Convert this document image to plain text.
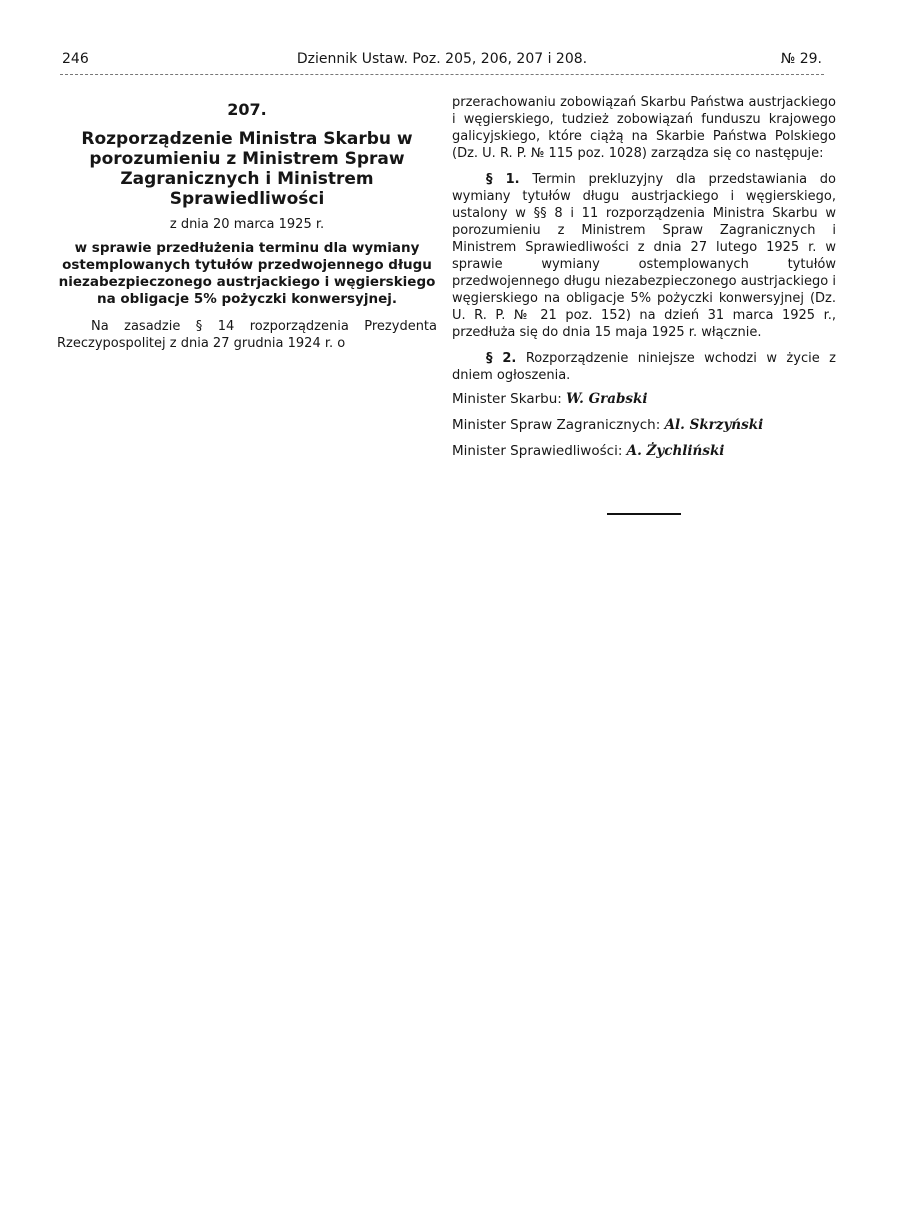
246	Dziennik Ustaw. Poz. 205, 206, 207 i 208.	№ 29.
207.
Rozporządzenie Ministra Skarbu w porozumieniu z Ministrem Spraw Zagranicznych i Ministrem Sprawiedliwości
z dnia 20 marca 1925 r.
w sprawie przedłużenia terminu dla wymiany ostemplowanych tytułów przedwojennego długu niezabezpieczonego austrjackiego i węgierskiego na obligacje 5% pożyczki konwersyjnej.

Na zasadzie § 14 rozporządzenia Prezydenta Rzeczypospolitej z dnia 27 grudnia 1924 r. o

przerachowaniu zobowiązań Skarbu Państwa austrjackiego i węgierskiego, tudzież zobowiązań funduszu krajowego galicyjskiego, które ciążą na Skarbie Państwa Polskiego (Dz. U. R. P. № 115 poz. 1028) zarządza się co następuje:

§ 1. Termin prekluzyjny dla przedstawiania do wymiany tytułów długu austrjackiego i węgierskiego, ustalony w §§ 8 i 11 rozporządzenia Ministra Skarbu w porozumieniu z Ministrem Spraw Zagranicznych i Ministrem Sprawiedliwości z dnia 27 lutego 1925 r. w sprawie wymiany ostemplowanych tytułów przedwojennego długu niezabezpieczonego austrjackiego i węgierskiego na obligacje 5% pożyczki konwersyjnej (Dz. U. R. P. № 21 poz. 152) na dzień 31 marca 1925 r., przedłuża się do dnia 15 maja 1925 r. włącznie.

§ 2. Rozporządzenie niniejsze wchodzi w życie z dniem ogłoszenia.

Minister Skarbu: W. Grabski
Minister Spraw Zagranicznych: Al. Skrzyński
Minister Sprawiedliwości: A. Żychliński
